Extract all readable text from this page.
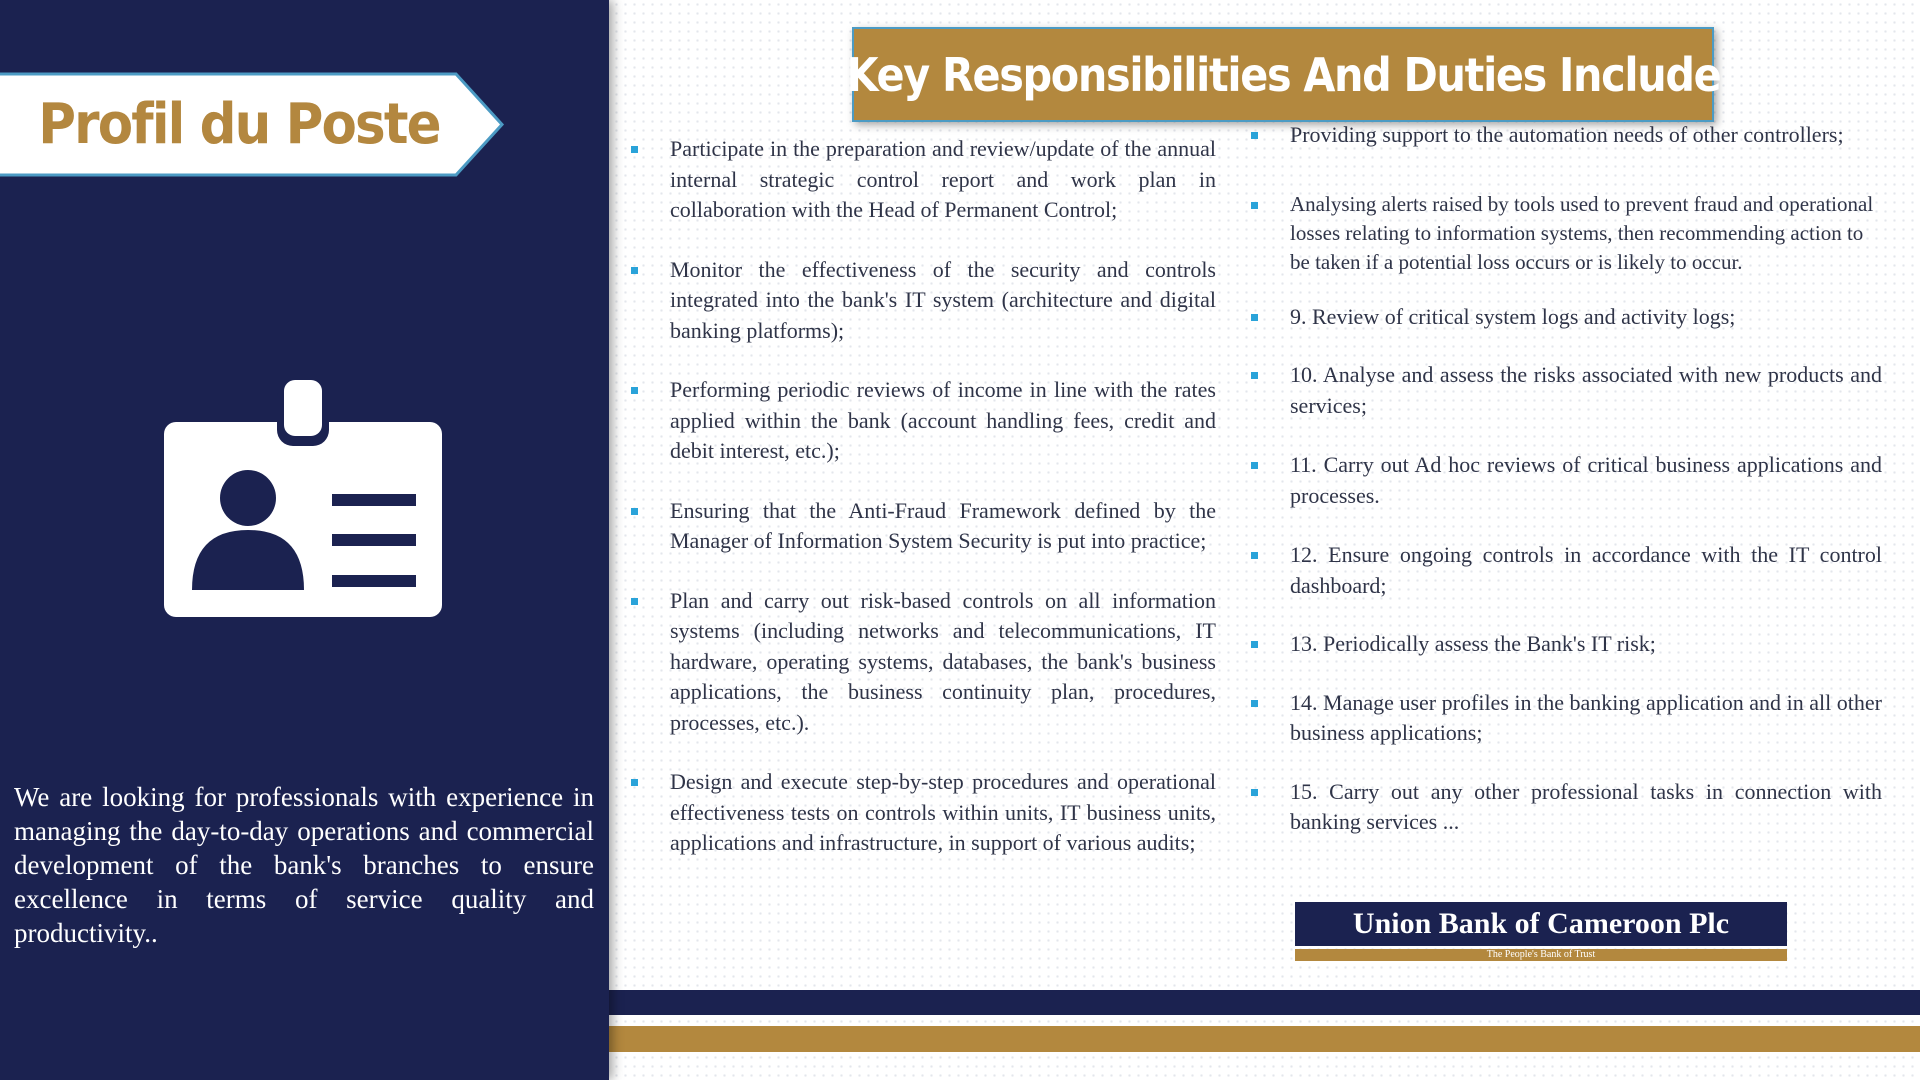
Profil du Poste
We are looking for professionals with experience in managing the day-to-day operations and commercial development of the bank's branches to ensure excellence in terms of service quality and productivity..
Key Responsibilities And Duties Include
Participate in the preparation and review/update of the annual internal strategic control report and work plan in collaboration with the Head of Permanent Control;
Monitor the effectiveness of the security and controls integrated into the bank's IT system (architecture and digital banking platforms);
Performing periodic reviews of income in line with the rates applied within the bank (account handling fees, credit and debit interest, etc.);
Ensuring that the Anti-Fraud Framework defined by the Manager of Information System Security is put into practice;
Plan and carry out risk-based controls on all information systems (including networks and telecommunications, IT hardware, operating systems, databases, the bank's business applications, the business continuity plan, procedures, processes, etc.).
Design and execute step-by-step procedures and operational effectiveness tests on controls within units, IT business units, applications and infrastructure, in support of various audits;
Providing support to the automation needs of other controllers;
Analysing alerts raised by tools used to prevent fraud and operational losses relating to information systems, then recommending action to be taken if a potential loss occurs or is likely to occur.
9. Review of critical system logs and activity logs;
10. Analyse and assess the risks associated with new products and services;
11. Carry out Ad hoc reviews of critical business applications and processes.
12. Ensure ongoing controls in accordance with the IT control dashboard;
13. Periodically assess the Bank's IT risk;
14. Manage user profiles in the banking application and in all other business applications;
15. Carry out any other professional tasks in connection with banking services ...
Union Bank of Cameroon
Plc
The People's Bank of Trust
